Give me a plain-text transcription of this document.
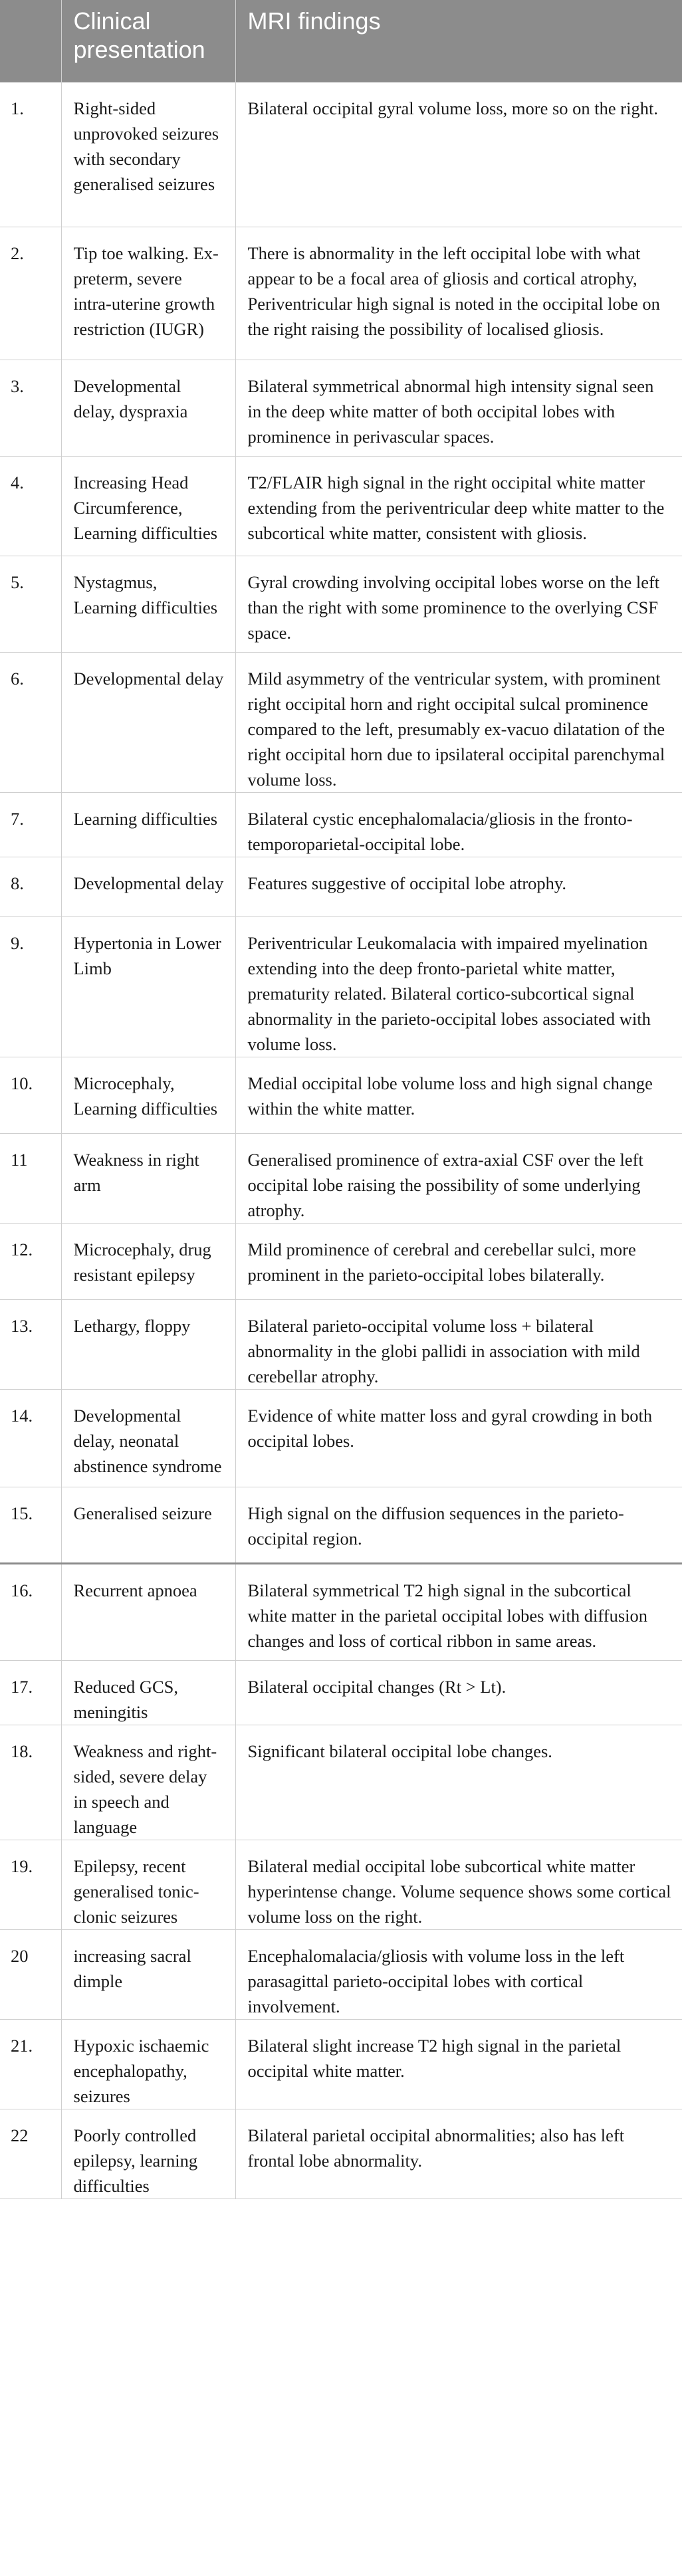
	Clinical presentation	MRI findings
1.	Right-sided unprovoked seizures with secondary generalised seizures	Bilateral occipital gyral volume loss, more so on the right.
2.	Tip toe walking. Ex-preterm, severe intra-uterine growth restriction (IUGR)	There is abnormality in the left occipital lobe with what appear to be a focal area of gliosis and cortical atrophy, Periventricular high signal is noted in the occipital lobe on the right raising the possibility of localised gliosis.
3.	Developmental delay, dyspraxia	Bilateral symmetrical abnormal high intensity signal seen in the deep white matter of both occipital lobes with prominence in perivascular spaces.
4.	Increasing Head Circumference, Learning difficulties	T2/FLAIR high signal in the right occipital white matter extending from the periventricular deep white matter to the subcortical white matter, consistent with gliosis.
5.	Nystagmus, Learning difficulties	Gyral crowding involving occipital lobes worse on the left than the right with some prominence to the overlying CSF space.
6.	Developmental delay	Mild asymmetry of the ventricular system, with prominent right occipital horn and right occipital sulcal prominence compared to the left, presumably ex-vacuo dilatation of the right occipital horn due to ipsilateral occipital parenchymal volume loss.
7.	Learning difficulties	Bilateral cystic encephalomalacia/gliosis in the fronto-temporoparietal-occipital lobe.
8.	Developmental delay	Features suggestive of occipital lobe atrophy.
9.	Hypertonia in Lower Limb	Periventricular Leukomalacia with impaired myelination extending into the deep fronto-parietal white matter, prematurity related. Bilateral cortico-subcortical signal abnormality in the parieto-occipital lobes associated with volume loss.
10.	Microcephaly, Learning difficulties	Medial occipital lobe volume loss and high signal change within the white matter.
11	Weakness in right arm	Generalised prominence of extra-axial CSF over the left occipital lobe raising the possibility of some underlying atrophy.
12.	Microcephaly, drug resistant epilepsy	Mild prominence of cerebral and cerebellar sulci, more prominent in the parieto-occipital lobes bilaterally.
13.	Lethargy, floppy	Bilateral parieto-occipital volume loss + bilateral abnormality in the globi pallidi in association with mild cerebellar atrophy.
14.	Developmental delay, neonatal abstinence syndrome	Evidence of white matter loss and gyral crowding in both occipital lobes.
15.	Generalised seizure	High signal on the diffusion sequences in the parieto-occipital region.
16.	Recurrent apnoea	Bilateral symmetrical T2 high signal in the subcortical white matter in the parietal occipital lobes with diffusion changes and loss of cortical ribbon in same areas.
17.	Reduced GCS, meningitis	Bilateral occipital changes (Rt > Lt).
18.	Weakness and right-sided, severe delay in speech and language	Significant bilateral occipital lobe changes.
19.	Epilepsy, recent generalised tonic-clonic seizures	Bilateral medial occipital lobe subcortical white matter hyperintense change. Volume sequence shows some cortical volume loss on the right.
20	increasing sacral dimple	Encephalomalacia/gliosis with volume loss in the left parasagittal parieto-occipital lobes with cortical involvement.
21.	Hypoxic ischaemic encephalopathy, seizures	Bilateral slight increase T2 high signal in the parietal occipital white matter.
22	Poorly controlled epilepsy, learning difficulties	Bilateral parietal occipital abnormalities; also has left frontal lobe abnormality.
